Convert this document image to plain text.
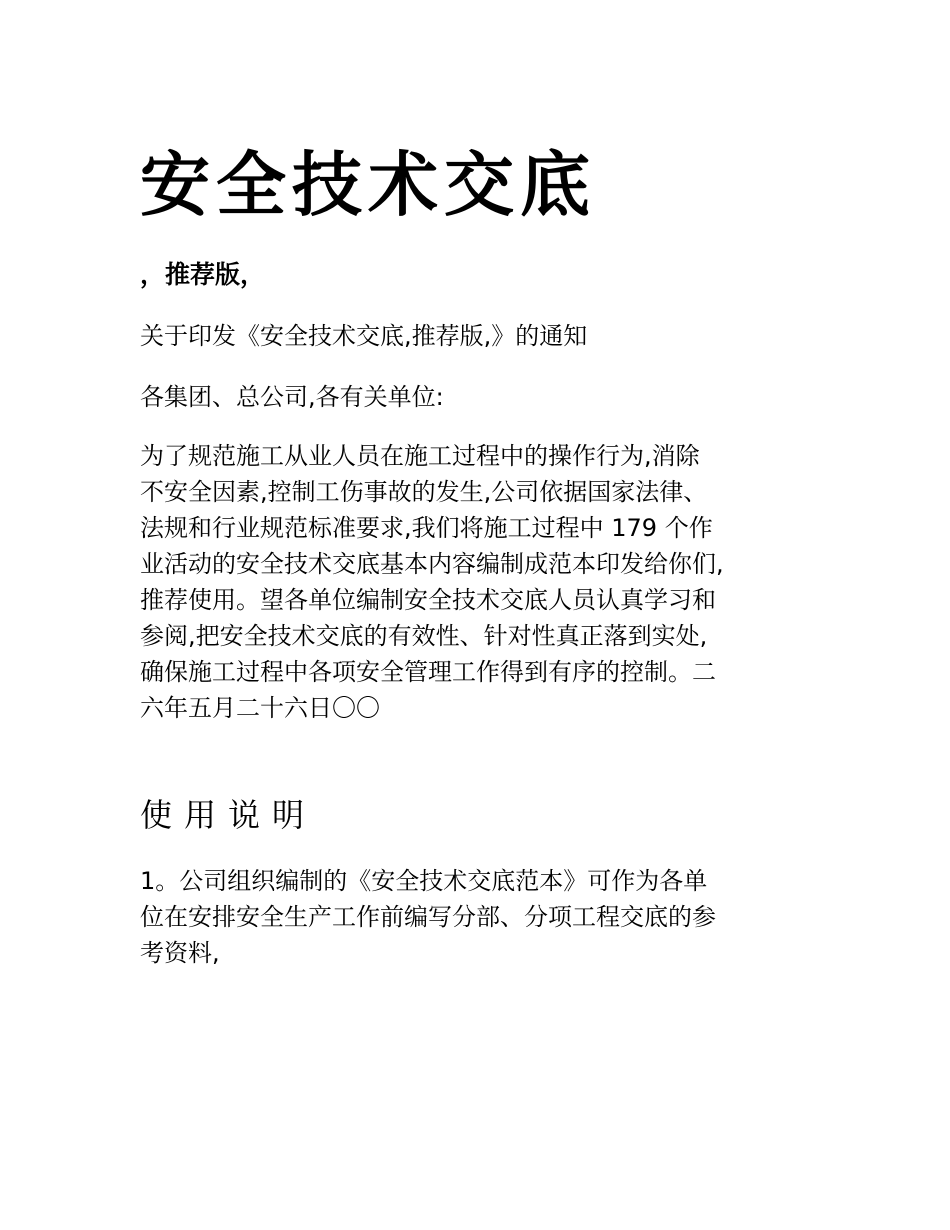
安全技术交底
，推荐版，
关于印发《安全技术交底,推荐版,》的通知
各集团、总公司,各有关单位:
为了规范施工从业人员在施工过程中的操作行为,消除
不安全因素,控制工伤事故的发生,公司依据国家法律、
法规和行业规范标准要求,我们将施工过程中 179 个作
业活动的安全技术交底基本内容编制成范本印发给你们,
推荐使用。望各单位编制安全技术交底人员认真学习和
参阅,把安全技术交底的有效性、针对性真正落到实处,
确保施工过程中各项安全管理工作得到有序的控制。二
六年五月二十六日〇〇
使用说明
1。公司组织编制的《安全技术交底范本》可作为各单
位在安排安全生产工作前编写分部、分项工程交底的参
考资料,
